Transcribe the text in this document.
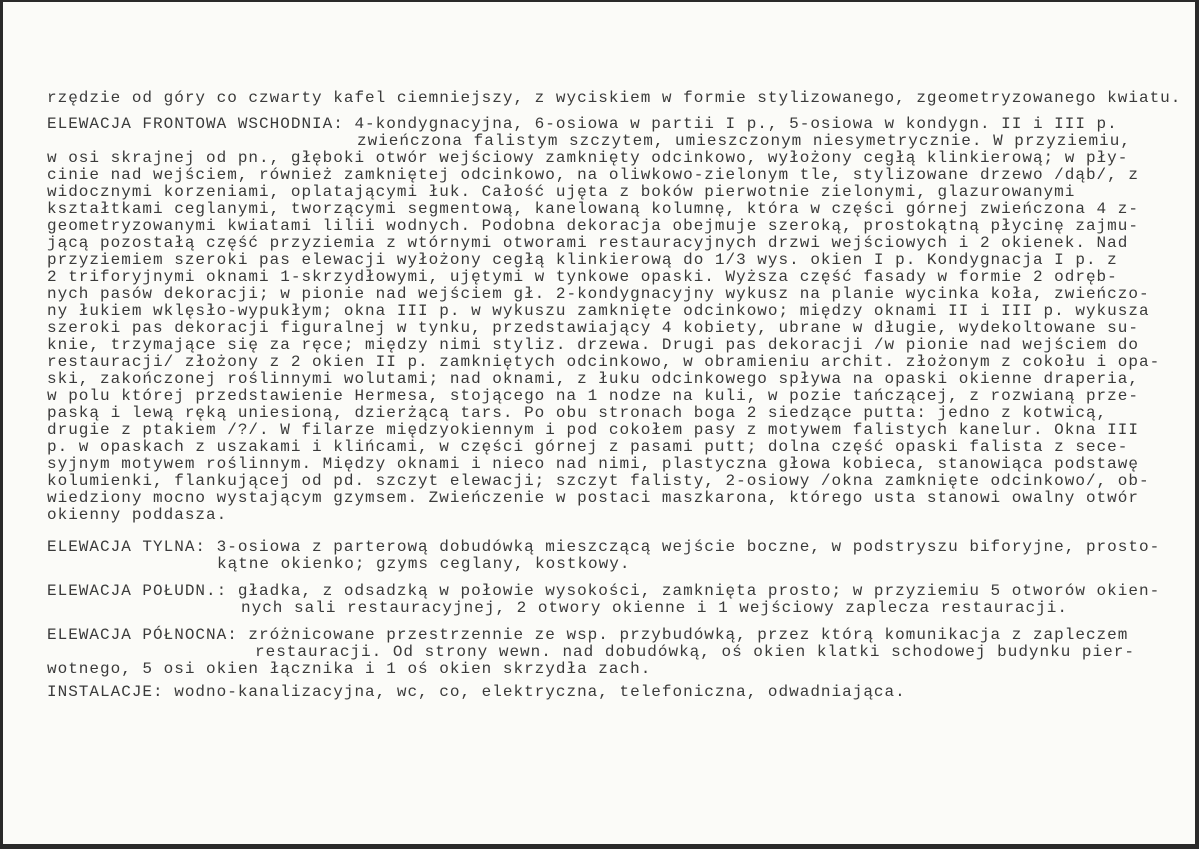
rzędzie od góry co czwarty kafel ciemniejszy, z wyciskiem w formie stylizowanego, zgeometryzowanego kwiatu.
ELEWACJA FRONTOWA WSCHODNIA: 4-kondygnacyjna, 6-osiowa w partii I p., 5-osiowa w kondygn. II i III p.
zwieńczona falistym szczytem, umieszczonym niesymetrycznie. W przyziemiu,
w osi skrajnej od pn., głęboki otwór wejściowy zamknięty odcinkowo, wyłożony cegłą klinkierową; w pły-
cinie nad wejściem, również zamkniętej odcinkowo, na oliwkowo-zielonym tle, stylizowane drzewo /dąb/, z
widocznymi korzeniami, oplatającymi łuk. Całość ujęta z boków pierwotnie zielonymi, glazurowanymi
kształtkami ceglanymi, tworzącymi segmentową, kanelowaną kolumnę, która w części górnej zwieńczona 4 z-
geometryzowanymi kwiatami lilii wodnych. Podobna dekoracja obejmuje szeroką, prostokątną płycinę zajmu-
jącą pozostałą część przyziemia z wtórnymi otworami restauracyjnych drzwi wejściowych i 2 okienek. Nad
przyziemiem szeroki pas elewacji wyłożony cegłą klinkierową do 1/3 wys. okien I p. Kondygnacja I p. z
2 triforyjnymi oknami 1-skrzydłowymi, ujętymi w tynkowe opaski. Wyższa część fasady w formie 2 odręb-
nych pasów dekoracji; w pionie nad wejściem gł. 2-kondygnacyjny wykusz na planie wycinka koła, zwieńczo-
ny łukiem wklęsło-wypukłym; okna III p. w wykuszu zamknięte odcinkowo; między oknami II i III p. wykusza
szeroki pas dekoracji figuralnej w tynku, przedstawiający 4 kobiety, ubrane w długie, wydekoltowane su-
knie, trzymające się za ręce; między nimi styliz. drzewa. Drugi pas dekoracji /w pionie nad wejściem do
restauracji/ złożony z 2 okien II p. zamkniętych odcinkowo, w obramieniu archit. złożonym z cokołu i opa-
ski, zakończonej roślinnymi wolutami; nad oknami, z łuku odcinkowego spływa na opaski okienne draperia,
w polu której przedstawienie Hermesa, stojącego na 1 nodze na kuli, w pozie tańczącej, z rozwianą prze-
paską i lewą ręką uniesioną, dzierżącą tars. Po obu stronach boga 2 siedzące putta: jedno z kotwicą,
drugie z ptakiem /?/. W filarze międzyokiennym i pod cokołem pasy z motywem falistych kanelur. Okna III
p. w opaskach z uszakami i klińcami, w części górnej z pasami putt; dolna część opaski falista z sece-
syjnym motywem roślinnym. Między oknami i nieco nad nimi, plastyczna głowa kobieca, stanowiąca podstawę
kolumienki, flankującej od pd. szczyt elewacji; szczyt falisty, 2-osiowy /okna zamknięte odcinkowo/, ob-
wiedziony mocno wystającym gzymsem. Zwieńczenie w postaci maszkarona, którego usta stanowi owalny otwór
okienny poddasza.
ELEWACJA TYLNA: 3-osiowa z parterową dobudówką mieszczącą wejście boczne, w podstryszu biforyjne, prosto-
kątne okienko; gzyms ceglany, kostkowy.
ELEWACJA POŁUDN.: gładka, z odsadzką w połowie wysokości, zamknięta prosto; w przyziemiu 5 otworów okien-
nych sali restauracyjnej, 2 otwory okienne i 1 wejściowy zaplecza restauracji.
ELEWACJA PÓŁNOCNA: zróżnicowane przestrzennie ze wsp. przybudówką, przez którą komunikacja z zapleczem
restauracji. Od strony wewn. nad dobudówką, oś okien klatki schodowej budynku pier-
wotnego, 5 osi okien łącznika i 1 oś okien skrzydła zach.
INSTALACJE: wodno-kanalizacyjna, wc, co, elektryczna, telefoniczna, odwadniająca.
